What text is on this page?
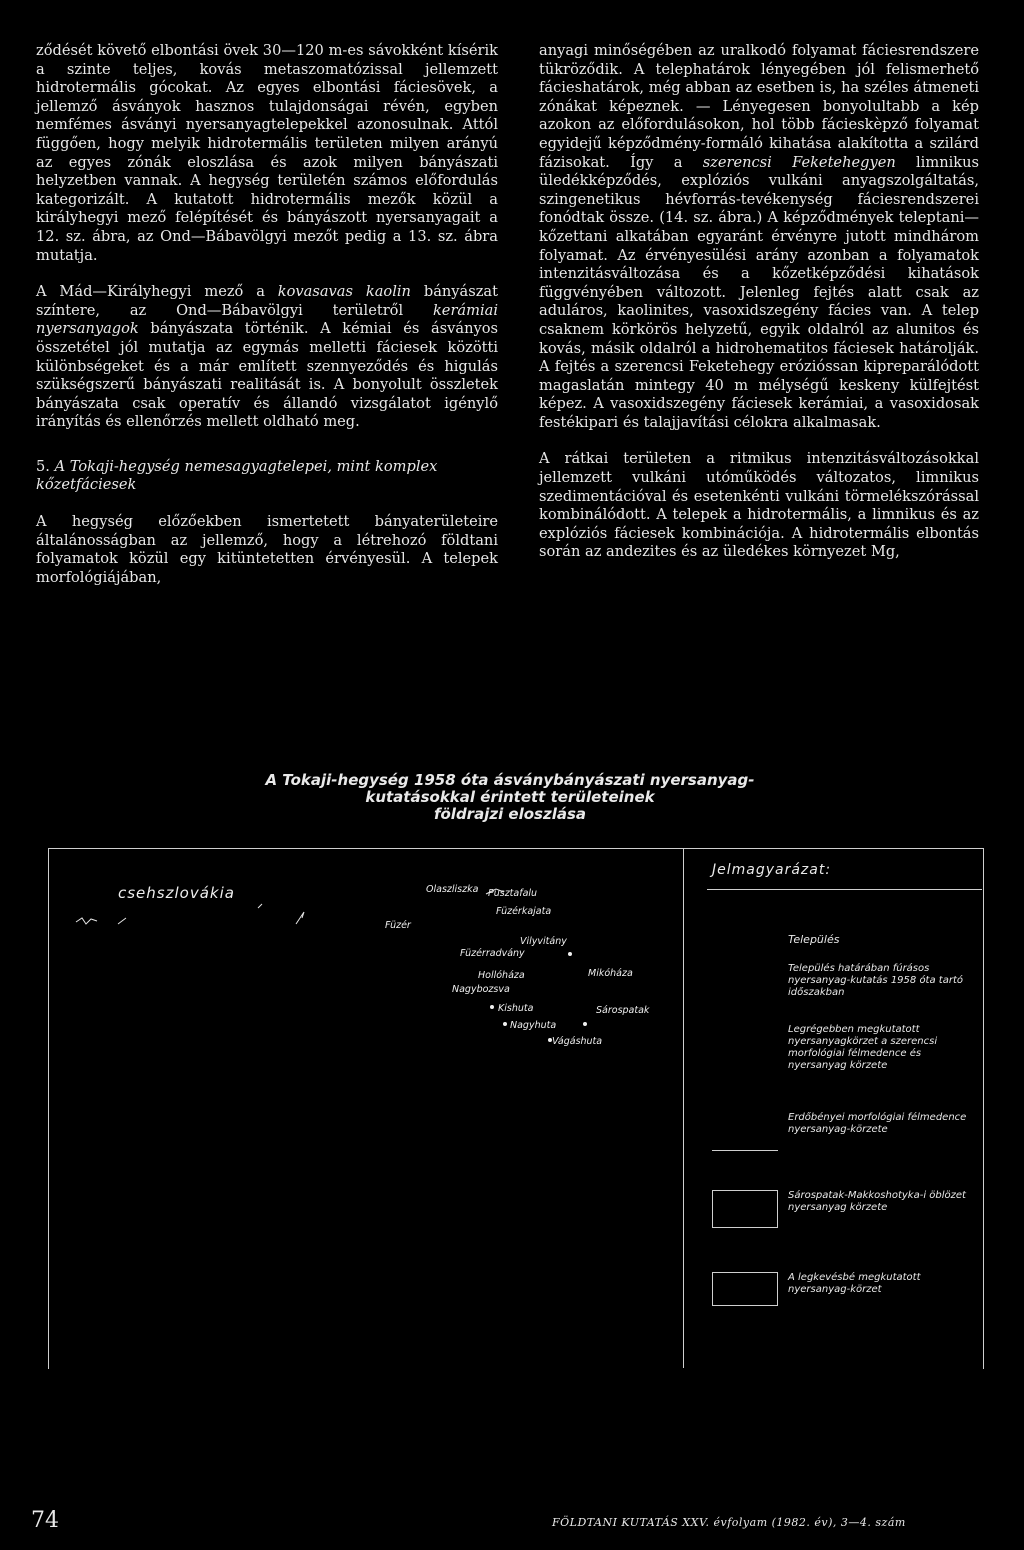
ződését követő elbontási övek 30—120 m-es sávokként kísérik a szinte teljes, kovás metaszomatózissal jellemzett hidrotermális gócokat. Az egyes elbontási fáciesövek, a jellemző ásványok hasznos tulajdonságai révén, egyben nemfémes ásványi nyersanyagtelepekkel azonosulnak. Attól függően, hogy melyik hidrotermális területen milyen arányú az egyes zónák eloszlása és azok milyen bányászati helyzetben vannak. A hegység területén számos előfordulás kategorizált. A kutatott hidrotermális mezők közül a királyhegyi mező felépítését és bányászott nyersanyagait a 12. sz. ábra, az Ond—Bábavölgyi mezőt pedig a 13. sz. ábra mutatja.

A Mád—Királyhegyi mező a kovasavas kaolin bányászat színtere, az Ond—Bábavölgyi területről kerámiai nyersanyagok bányászata történik. A kémiai és ásványos összetétel jól mutatja az egymás melletti fáciesek közötti különbségeket és a már említett szennyeződés és higulás szükségszerű bányászati realitását is. A bonyolult összletek bányászata csak operatív és állandó vizsgálatot igénylő irányítás és ellenőrzés mellett oldható meg.

5. A Tokaji-hegység nemesagyagtelepei, mint komplex kőzetfáciesek

A hegység előzőekben ismertetett bányaterületeire általánosságban az jellemző, hogy a létrehozó földtani folyamatok közül egy kitüntetetten érvényesül. A telepek morfológiájában,

anyagi minőségében az uralkodó folyamat fáciesrendszere tükröződik. A telephatárok lényegében jól felismerhető fácieshatárok, még abban az esetben is, ha széles átmeneti zónákat képeznek. — Lényegesen bonyolultabb a kép azokon az előfordulásokon, hol több fácieskèpző folyamat egyidejű képződmény-formáló kihatása alakította a szilárd fázisokat. Így a szerencsi Feketehegyen limnikus üledékképződés, explóziós vulkáni anyagszolgáltatás, szingenetikus hévforrás-tevékenység fáciesrendszerei fonódtak össze. (14. sz. ábra.) A képződmények teleptani— kőzettani alkatában egyaránt érvényre jutott mindhárom folyamat. Az érvényesülési arány azonban a folyamatok intenzitásváltozása és a kőzetképződési kihatások függvényében változott. Jelenleg fejtés alatt csak az aduláros, kaolinites, vasoxidszegény fácies van. A telep csaknem körkörös helyzetű, egyik oldalról az alunitos és kovás, másik oldalról a hidrohematitos fáciesek határolják. A fejtés a szerencsi Feketehegy erózióssan kipreparálódott magaslatán mintegy 40 m mélységű keskeny külfejtést képez. A vasoxidszegény fáciesek kerámiai, a vasoxidosak festékipari és talajjavítási célokra alkalmasak.

A rátkai területen a ritmikus intenzitásváltozásokkal jellemzett vulkáni utóműködés változatos, limnikus szedimentációval és esetenkénti vulkáni törmelékszórással kombinálódott. A telepek a hidrotermális, a limnikus és az explóziós fáciesek kombinációja. A hidrotermális elbontás során az andezites és az üledékes környezet Mg,

A Tokaji-hegység 1958 óta ásványbányászati nyersanyag-
kutatásokkal érintett területeinek
földrajzi eloszlása
csehszlovákia	Olaszliszka Pusztafalu
Füzérkajata
Füzér
Vilyvitány
Füzérradvány
Hollóháza	Mikóháza
Nagybozsva
Kishuta	Sárospatak
Nagyhuta
Vágáshuta
Jelmagyarázat:
Település
Település határában fúrásos nyersanyag-kutatás 1958 óta tartó időszakban
Legrégebben megkutatott nyersanyagkörzet a szerencsi morfológiai félmedence és nyersanyag körzete
Erdőbényei morfológiai félmedence nyersanyag-körzete
Sárospatak-Makkoshotyka-i öblözet nyersanyag körzete
A legkevésbé megkutatott nyersanyag-körzet
74	FÖLDTANI KUTATÁS XXV. évfolyam (1982. év), 3—4. szám
